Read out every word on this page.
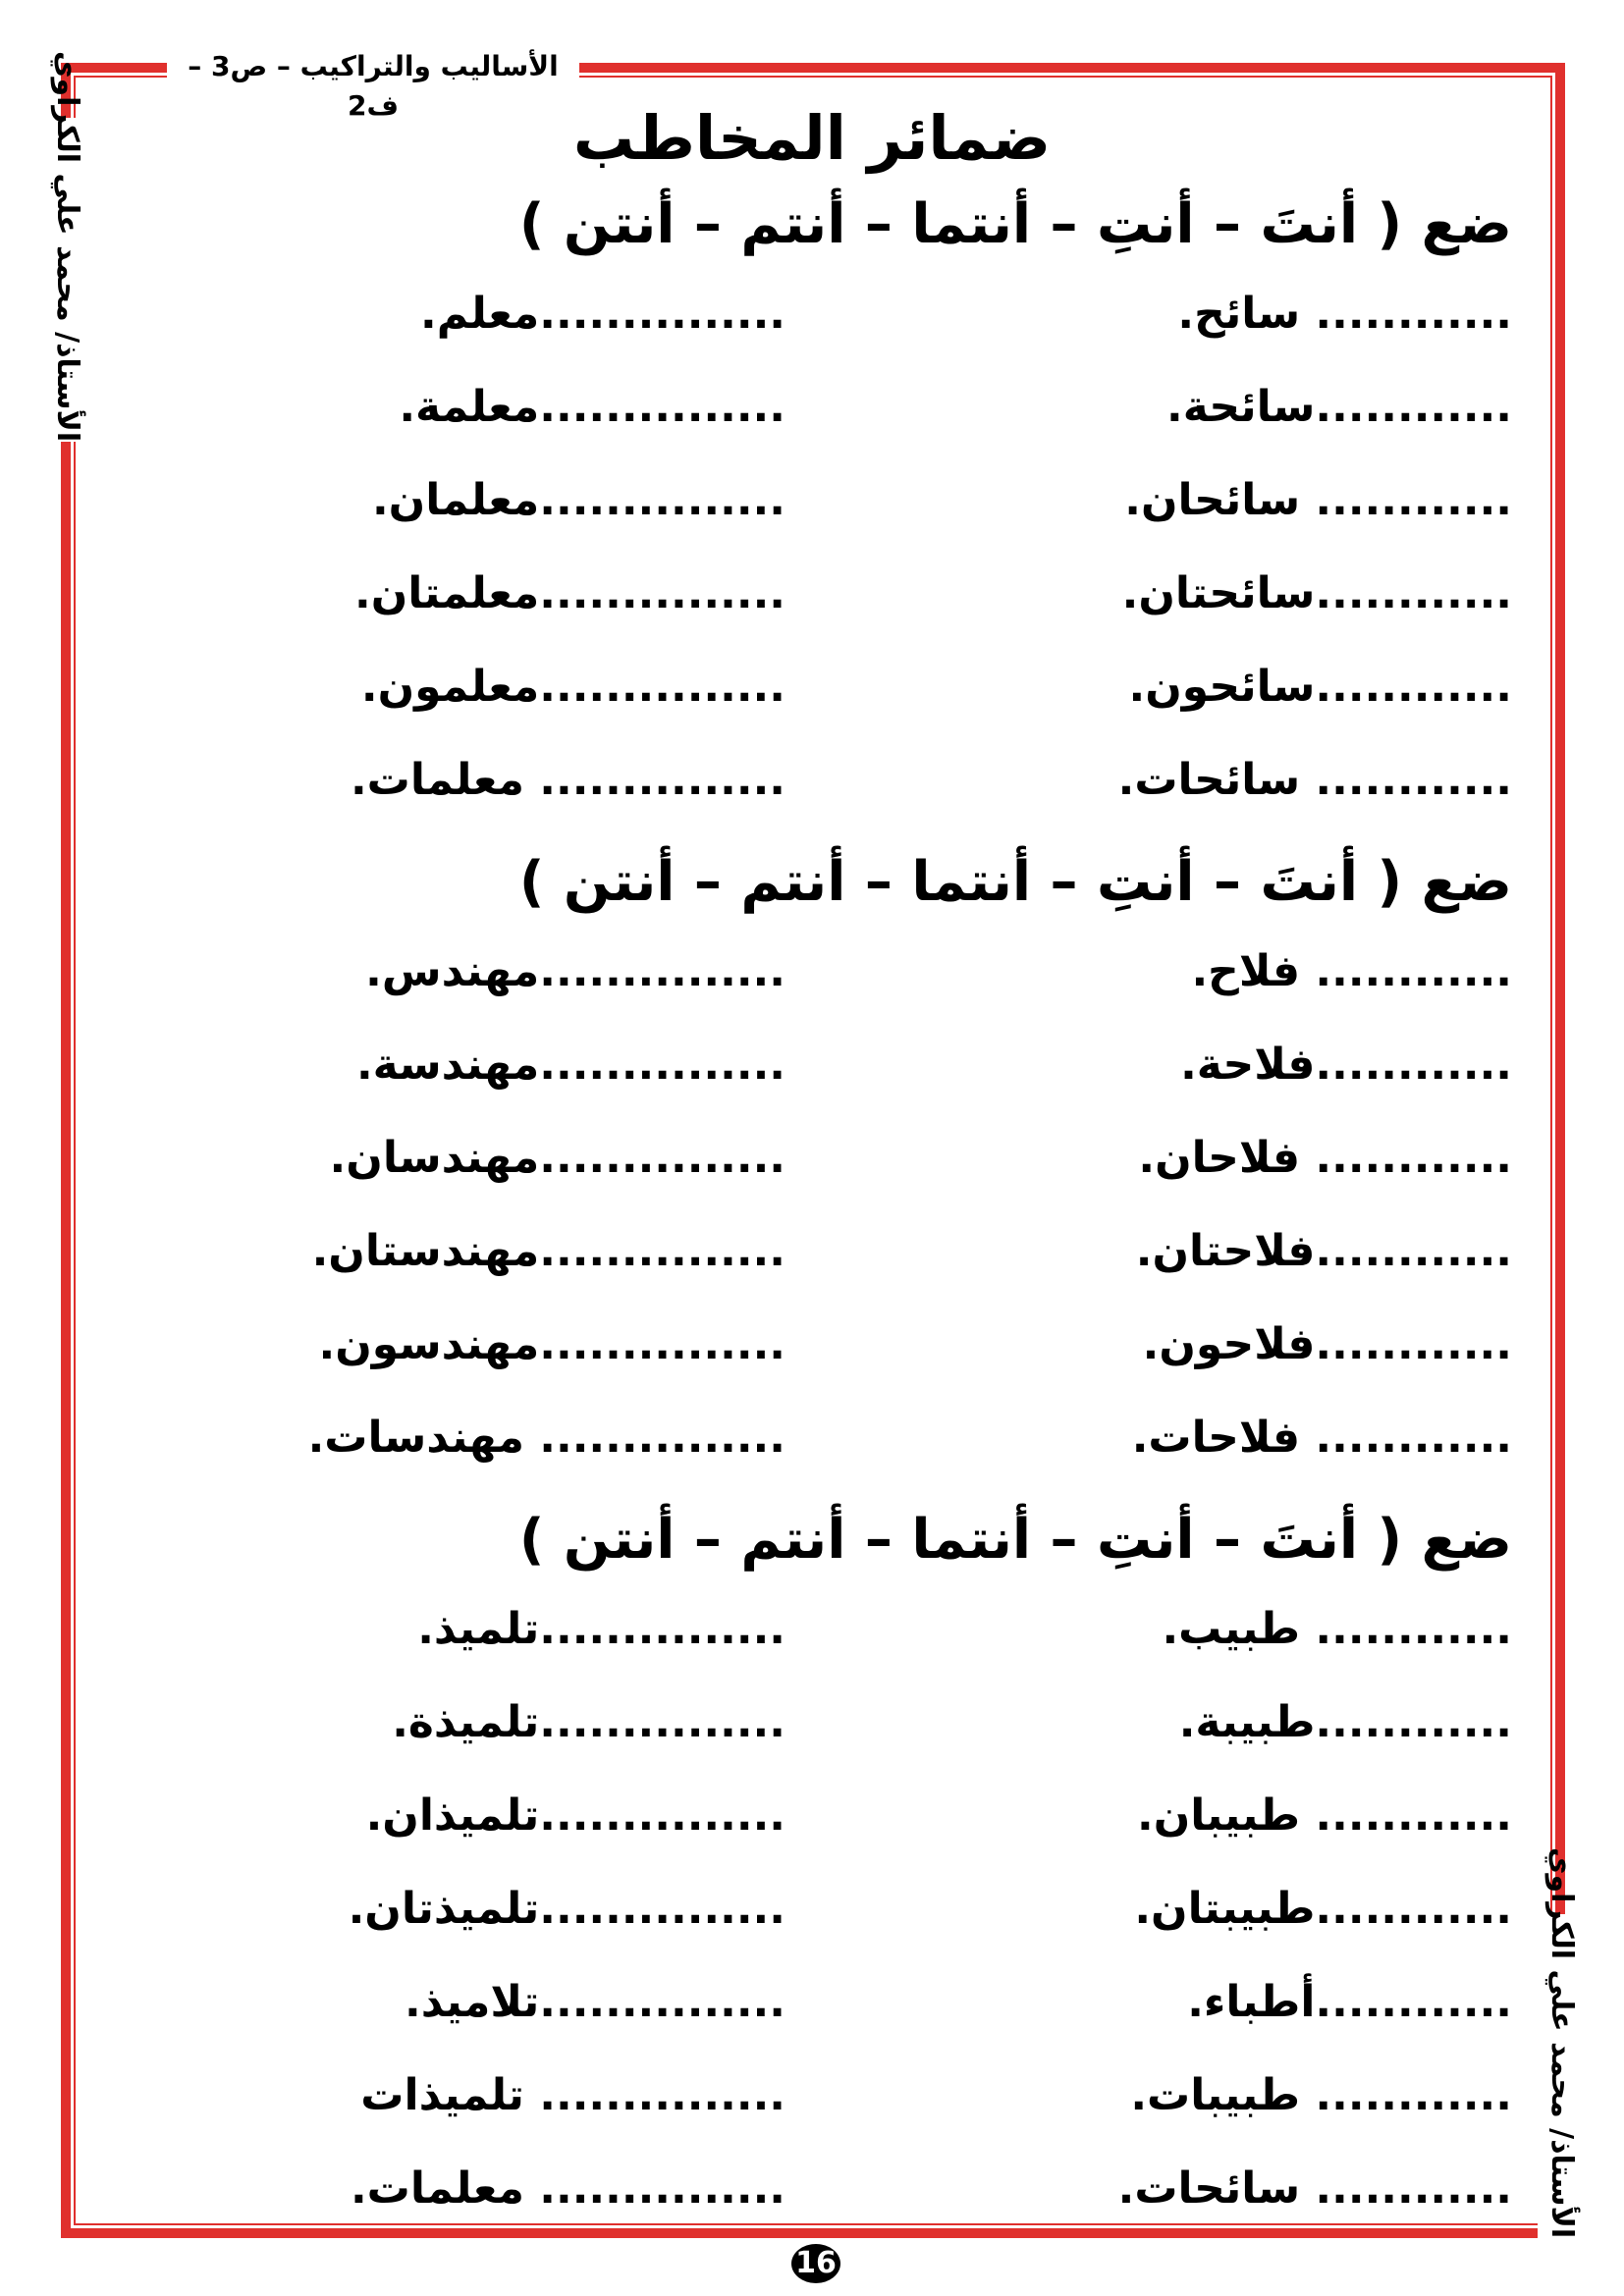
الأساليب والتراكيب – ص3 – ف2
الأستاذ/ محمد علي الكراوي
الأستاذ/ محمد علي الكراوي
ضمائر المخاطب
ضع ( أنتَ – أنتِ – أنتما – أنتم – أنتن )
............ سائح.
...............معلم.
............سائحة.
...............معلمة.
............ سائحان.
...............معلمان.
............سائحتان.
...............معلمتان.
............سائحون.
...............معلمون.
............ سائحات.
............... معلمات.
ضع ( أنتَ – أنتِ – أنتما – أنتم – أنتن )
............ فلاح.
...............مهندس.
............فلاحة.
...............مهندسة.
............ فلاحان.
...............مهندسان.
............فلاحتان.
...............مهندستان.
............فلاحون.
...............مهندسون.
............ فلاحات.
............... مهندسات.
ضع ( أنتَ – أنتِ – أنتما – أنتم – أنتن )
............ طبيب.
...............تلميذ.
............طبيبة.
...............تلميذة.
............ طبيبان.
...............تلميذان.
............طبيبتان.
...............تلميذتان.
............أطباء.
...............تلاميذ.
............ طبيبات.
............... تلميذات
............ سائحات.
............... معلمات.
16
